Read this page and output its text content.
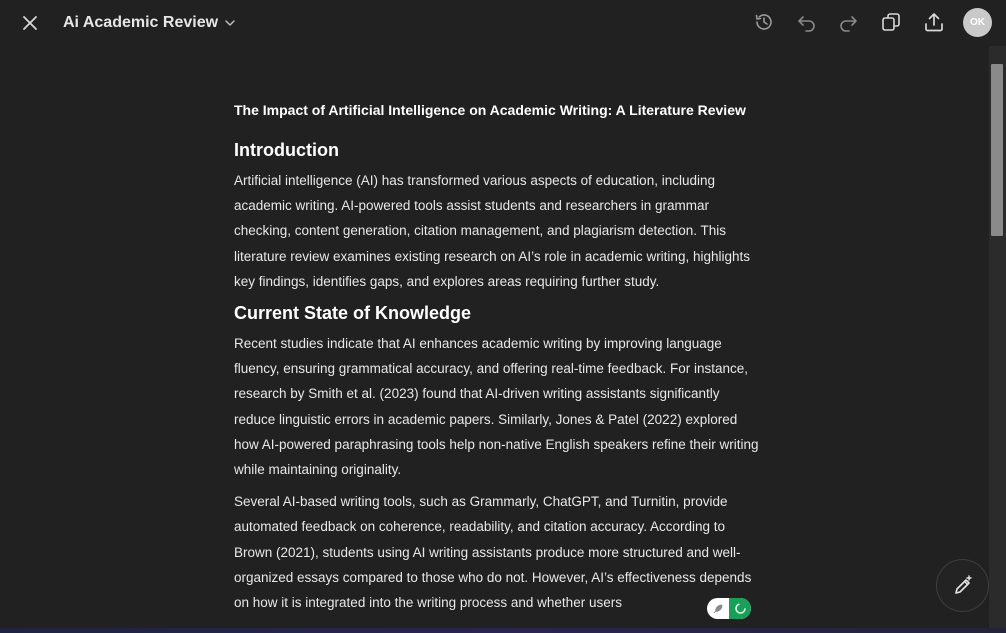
Ai Academic Review	OK
The Impact of Artificial Intelligence on Academic Writing: A Literature Review
Introduction

Artificial intelligence (AI) has transformed various aspects of education, including academic writing. AI-powered tools assist students and researchers in grammar checking, content generation, citation management, and plagiarism detection. This literature review examines existing research on AI’s role in academic writing, highlights key findings, identifies gaps, and explores areas requiring further study.

Current State of Knowledge

Recent studies indicate that AI enhances academic writing by improving language fluency, ensuring grammatical accuracy, and offering real-time feedback. For instance, research by Smith et al. (2023) found that AI-driven writing assistants significantly reduce linguistic errors in academic papers. Similarly, Jones & Patel (2022) explored how AI-powered paraphrasing tools help non-native English speakers refine their writing while maintaining originality.

Several AI-based writing tools, such as Grammarly, ChatGPT, and Turnitin, provide automated feedback on coherence, readability, and citation accuracy. According to Brown (2021), students using AI writing assistants produce more structured and well-organized essays compared to those who do not. However, AI’s effectiveness depends on how it is integrated into the writing process and whether users
